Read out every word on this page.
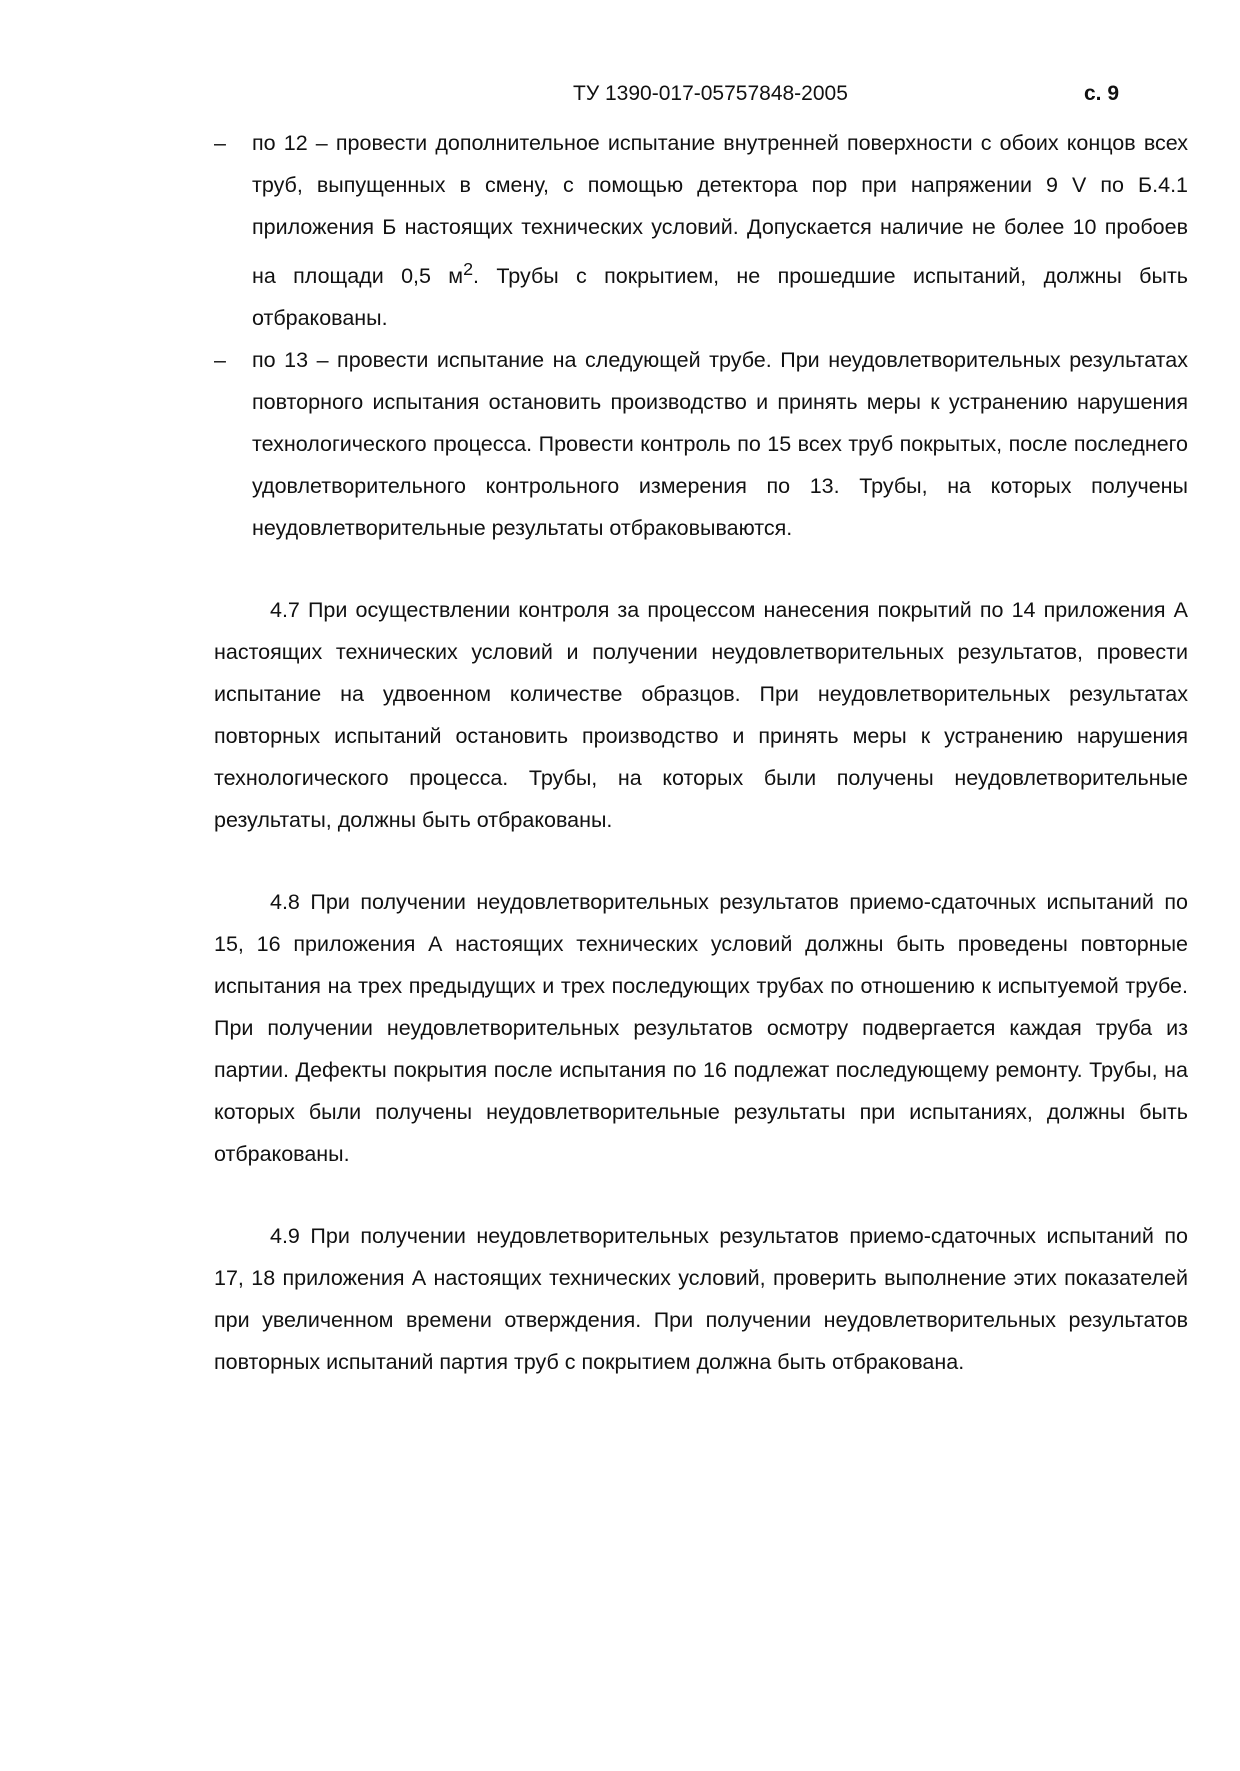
ТУ 1390-017-05757848-2005	с. 9
– по 12 – провести дополнительное испытание внутренней поверхности с обоих концов всех труб, выпущенных в смену, с помощью детектора пор при напряжении 9 V по Б.4.1 приложения Б настоящих технических условий. Допускается наличие не более 10 пробоев на площади 0,5 $м^2$. Трубы с покрытием, не прошедшие испытаний, должны быть отбракованы.
– по 13 – провести испытание на следующей трубе. При неудовлетворительных результатах повторного испытания остановить производство и принять меры к устранению нарушения технологического процесса. Провести контроль по 15 всех труб покрытых, после последнего удовлетворительного контрольного измерения по 13. Трубы, на которых получены неудовлетворительные результаты отбраковываются.

4.7 При осуществлении контроля за процессом нанесения покрытий по 14 приложения А настоящих технических условий и получении неудовлетворительных результатов, провести испытание на удвоенном количестве образцов. При неудовлетворительных результатах повторных испытаний остановить производство и принять меры к устранению нарушения технологического процесса. Трубы, на которых были получены неудовлетворительные результаты, должны быть отбракованы.

4.8 При получении неудовлетворительных результатов приемо-сдаточных испытаний по 15, 16 приложения А настоящих технических условий должны быть проведены повторные испытания на трех предыдущих и трех последующих трубах по отношению к испытуемой трубе. При получении неудовлетворительных результатов осмотру подвергается каждая труба из партии. Дефекты покрытия после испытания по 16 подлежат последующему ремонту. Трубы, на которых были получены неудовлетворительные результаты при испытаниях, должны быть отбракованы.

4.9 При получении неудовлетворительных результатов приемо-сдаточных испытаний по 17, 18 приложения А настоящих технических условий, проверить выполнение этих показателей при увеличенном времени отверждения. При получении неудовлетворительных результатов повторных испытаний партия труб с покрытием должна быть отбракована.
